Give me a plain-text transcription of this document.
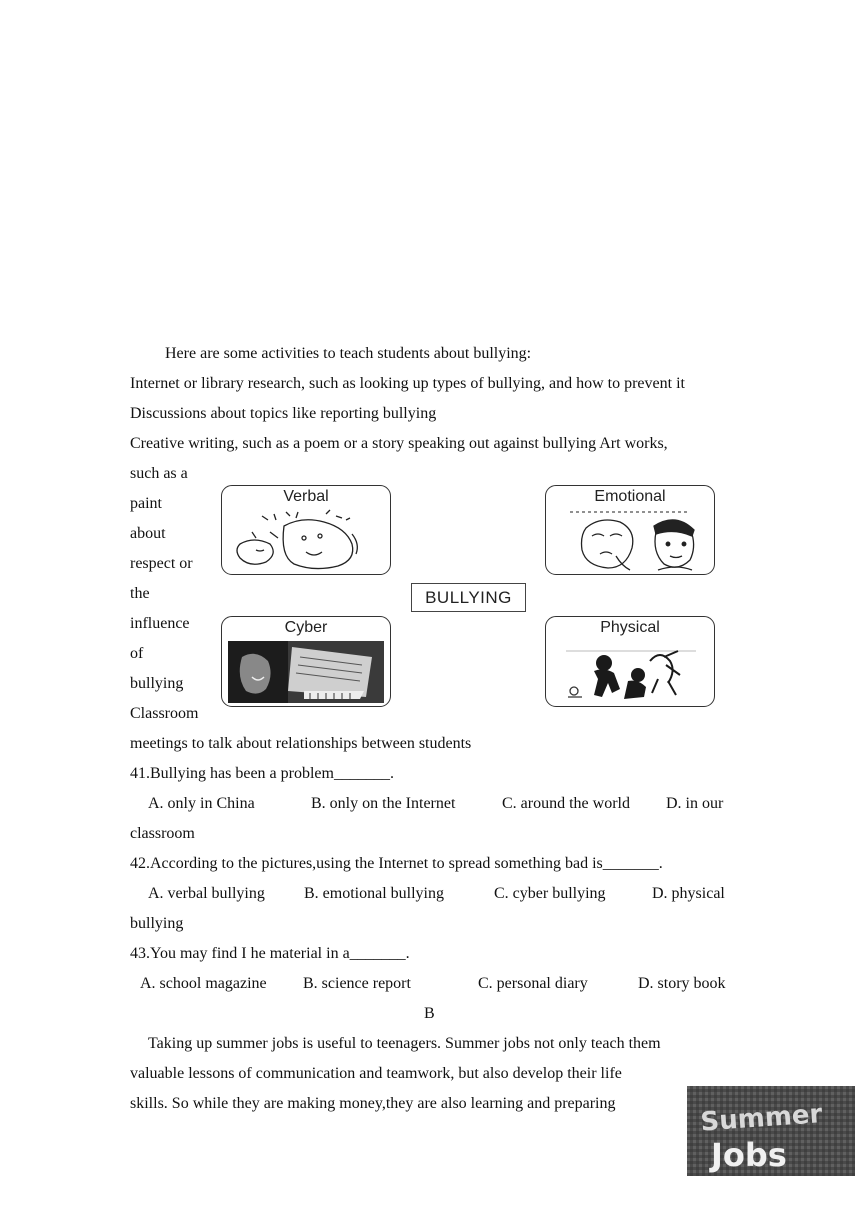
Here are some activities to teach students about bullying:
Internet or library research, such as looking up types of bullying, and how to prevent it
Discussions about topics like reporting bullying
Creative writing, such as a poem or a story speaking out against bullying Art works,
such as a
paint
about
respect or
the
influence
of
bullying
Classroom
meetings to talk about relationships between students
Verbal	Emotional
BULLYING
Cyber	Physical
41.Bullying has been a problem_______.
A. only in China	B. only on the Internet	C. around the world D. in our
classroom
42.According to the pictures,using the Internet to spread something bad is_______.
A. verbal bullying B. emotional bullying	C. cyber bullying	D. physical
bullying
43.You may find I he material in a_______.
A. school magazine B. science report	C. personal diary	D. story book
B
Taking up summer jobs is useful to teenagers. Summer jobs not only teach them
valuable lessons of communication and teamwork, but also develop their life
skills. So while they are making money,they are also learning and preparing	Summer
Jobs
